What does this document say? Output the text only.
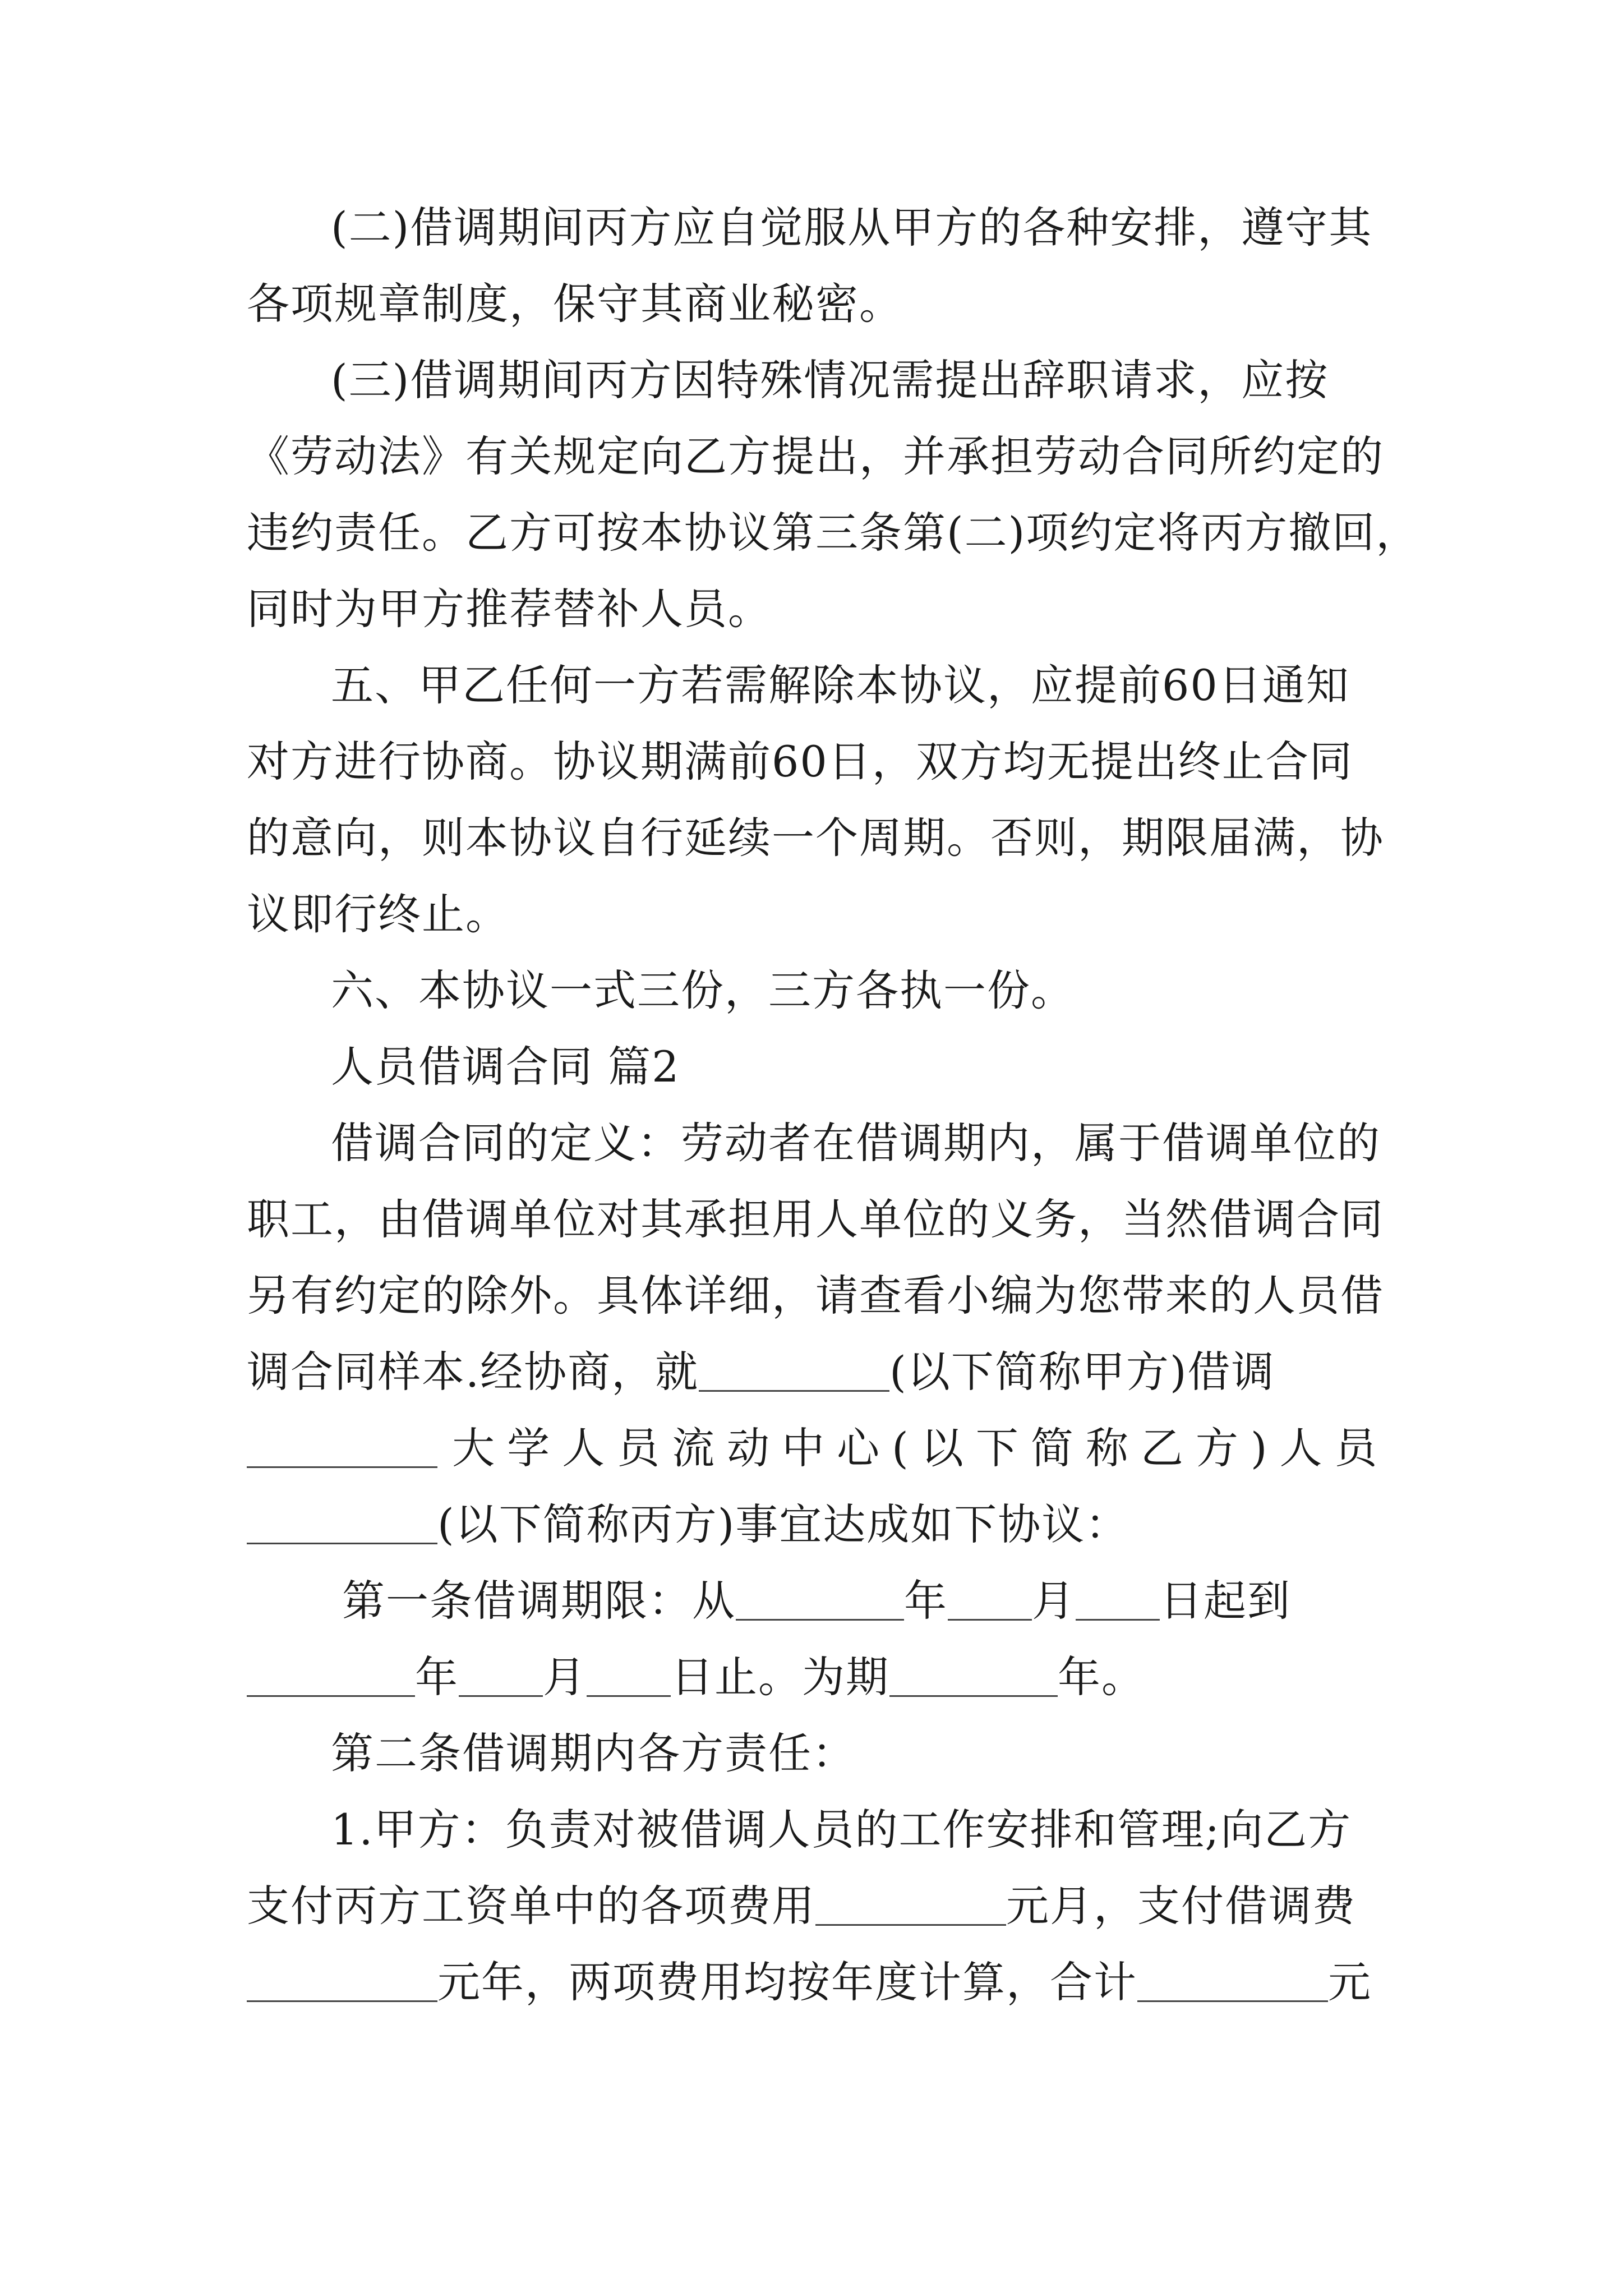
(二)借调期间丙方应自觉服从甲方的各种安排，遵守其
各项规章制度，保守其商业秘密。
(三)借调期间丙方因特殊情况需提出辞职请求，应按
《劳动法》有关规定向乙方提出，并承担劳动合同所约定的
违约责任。乙方可按本协议第三条第(二)项约定将丙方撤回，
同时为甲方推荐替补人员。
五、甲乙任何一方若需解除本协议，应提前60日通知
对方进行协商。协议期满前60日，双方均无提出终止合同
的意向，则本协议自行延续一个周期。否则，期限届满，协
议即行终止。
六、本协议一式三份，三方各执一份。
人员借调合同 篇2
借调合同的定义：劳动者在借调期内，属于借调单位的
职工，由借调单位对其承担用人单位的义务，当然借调合同
另有约定的除外。具体详细，请查看小编为您带来的人员借
调合同样本.经协商，就	(以下简称甲方)借调
大学人员流动中心(以下简称乙方)人员
(以下简称丙方)事宜达成如下协议：
第一条借调期限：从	年 月 日起到
年 月 日止。为期	年。
第二条借调期内各方责任：
1.甲方：负责对被借调人员的工作安排和管理;向乙方
支付丙方工资单中的各项费用	元月，支付借调费
元年，两项费用均按年度计算，合计	元
